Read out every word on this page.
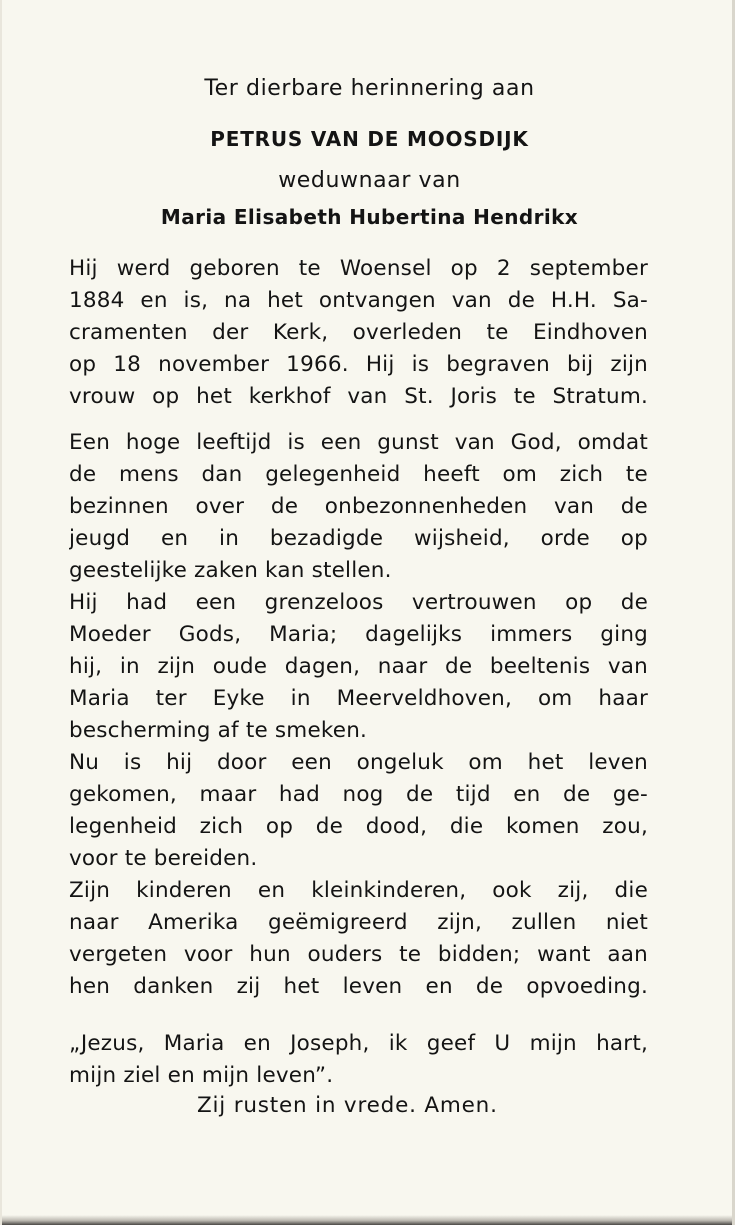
Ter dierbare herinnering aan
PETRUS VAN DE MOOSDIJK
weduwnaar van
Maria Elisabeth Hubertina Hendrikx
Hij werd geboren te Woensel op 2 september
1884 en is, na het ontvangen van de H.H. Sa-
cramenten der Kerk, overleden te Eindhoven
op 18 november 1966. Hij is begraven bij zijn
vrouw op het kerkhof van St. Joris te Stratum.
Een hoge leeftijd is een gunst van God, omdat
de mens dan gelegenheid heeft om zich te
bezinnen over de onbezonnenheden van de
jeugd en in bezadigde wijsheid, orde op
geestelijke zaken kan stellen.
Hij had een grenzeloos vertrouwen op de
Moeder Gods, Maria; dagelijks immers ging
hij, in zijn oude dagen, naar de beeltenis van
Maria ter Eyke in Meerveldhoven, om haar
bescherming af te smeken.
Nu is hij door een ongeluk om het leven
gekomen, maar had nog de tijd en de ge-
legenheid zich op de dood, die komen zou,
voor te bereiden.
Zijn kinderen en kleinkinderen, ook zij, die
naar Amerika geëmigreerd zijn, zullen niet
vergeten voor hun ouders te bidden; want aan
hen danken zij het leven en de opvoeding.
„Jezus, Maria en Joseph, ik geef U mijn hart,
mijn ziel en mijn leven”.
Zij rusten in vrede. Amen.
